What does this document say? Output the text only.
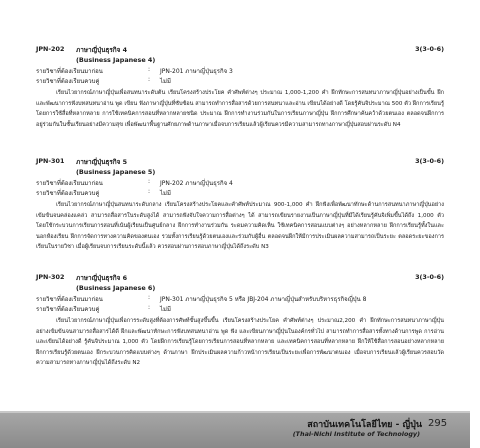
JPN-202 ภาษาญี่ปุ่นธุรกิจ 4	3(3-0-6)
(Business Japanese 4)
รายวิชาที่ต้องเรียนมาก่อน	: JPN-201 ภาษาญี่ปุ่นธุรกิจ 3
รายวิชาที่ต้องเรียนควบคู่	: ไม่มี

เรียนไวยากรณ์ภาษาญี่ปุ่นเพื่อสนทนาระดับต้น เรียนโครงสร้างประโยค คำศัพท์ต่างๆ ประมาณ 1,000-1,200 คำ ฝึกทักษะการสนทนาภาษาญี่ปุ่นอย่างเป็นขั้น ฝึกและพัฒนาการฟังบทสนทนาอ่าน พูด เขียน ฟังภาษาญี่ปุ่นที่ซับซ้อน สามารถทำการสื่อสารด้วยการสนทนาและอ่าน เขียนได้อย่างดี โดยรู้คันจิประมาณ 500 ตัว ฝึกการเรียนรู้โดยการใช้สื่อที่หลากหลาย การใช้เทคนิคการสอนที่หลากหลายชนิด ประมาณ ฝึกการทำงานร่วมกันในการเรียนภาษาญี่ปุ่น ฝึกการศึกษาค้นคว้าด้วยตนเอง ตลอดจนฝึกการอยู่ร่วมกันในชั้นเรียนอย่างมีความสุข เพื่อพัฒนาพื้นฐานศักยภาพด้านภาษาเมื่อจบการเรียนแล้วผู้เรียนควรมีความสามารถทางภาษาญี่ปุ่นสอบผ่านระดับ N4

JPN-301 ภาษาญี่ปุ่นธุรกิจ 5	3(3-0-6)
(Business Japanese 5)
รายวิชาที่ต้องเรียนมาก่อน	: JPN-202 ภาษาญี่ปุ่นธุรกิจ 4
รายวิชาที่ต้องเรียนควบคู่	: ไม่มี

เรียนไวยากรณ์ภาษาญี่ปุ่นสนทนาระดับกลาง เรียนโครงสร้างประโยคและคำศัพท์ประมาณ 900-1,000 คำ ฝึกฟังเพื่อพัฒนาทักษะด้านการสนทนาภาษาญี่ปุ่นอย่างเข้มข้นจนคล่องแคล่ว สามารถสื่อสารในระดับสูงได้ สามารถฟังจับใจความการสื่อต่างๆ ได้ สามารถเขียนรายงานเป็นภาษาญี่ปุ่นที่มีได้เรียนรู้คันจิเพิ่มขึ้นได้ถึง 1,000 ตัว โดยใช้กระบวนการเรียนการสอนที่เน้นผู้เรียนเป็นศูนย์กลาง ฝึกการทำงานร่วมกัน ระดมความคิดเห็น ใช้เทคนิคการสอนแบบต่างๆ อย่างหลากหลาย ฝึกการเรียนรู้ทั้งในและนอกห้องเรียน ฝึกการจัดการทางความคิดของตนเอง รวมทั้งการเรียนรู้ด้วยตนเองและร่วมกับผู้อื่น ตลอดจนฝึกให้มีการประเมินผลความสามารถเป็นระยะ ตลอดระยะของการเรียนในรายวิชา เมื่อผู้เรียนจบการเรียนระดับนี้แล้ว ควรสอบผ่านการสอบภาษาญี่ปุ่นได้ถึงระดับ N3

JPN-302 ภาษาญี่ปุ่นธุรกิจ 6	3(3-0-6)
(Business Japanese 6)
รายวิชาที่ต้องเรียนมาก่อน	: JPN-301 ภาษาญี่ปุ่นธุรกิจ 5 หรือ JBJ-204 ภาษาญี่ปุ่นสำหรับบริหารธุรกิจญี่ปุ่น 8
รายวิชาที่ต้องเรียนควบคู่	: ไม่มี

เรียนไวยากรณ์ภาษาญี่ปุ่นเพื่อการระดับสูงที่ต้องการศัพท์ขั้นสูงขึ้นขึ้น เรียนโครงสร้างประโยค คำศัพท์ต่างๆ ประมาณ2,200 คำ ฝึกทักษะการสนทนาภาษาญี่ปุ่นอย่างเข้มข้นจนสามารถสื่อสารได้ดี ฝึกและพัฒนาทักษะการฟังบทสนทนาอ่าน พูด ฟัง และเขียนภาษาญี่ปุ่นในองค์กรทั่วไป สามารถทำการสื่อสารทั้งทางด้านการพูด การอ่าน และเขียนได้อย่างดี รู้คันจิประมาณ 1,000 ตัว โดยฝึกการเรียนรู้โดยการเรียนการสอนที่หลากหลาย และเทคนิคการสอนที่หลากหลาย ฝึกให้ใช้สื่อการสอนอย่างหลากหลาย ฝึกการเรียนรู้ด้วยตนเอง ฝึกระบวนการคิดแบบต่างๆ ด้านภาษา ฝึกประเมินผลความก้าวหน้าการเรียนเป็นระยะเพื่อการพัฒนาตนเอง เมื่อจบการเรียนแล้วผู้เรียนควรสอบวัดความสามารถทางภาษาญี่ปุ่นได้ถึงระดับ N2

สถาบันเทคโนโลยีไทย - ญี่ปุ่น
(Thai-Nichi Institute of Technology)
295
